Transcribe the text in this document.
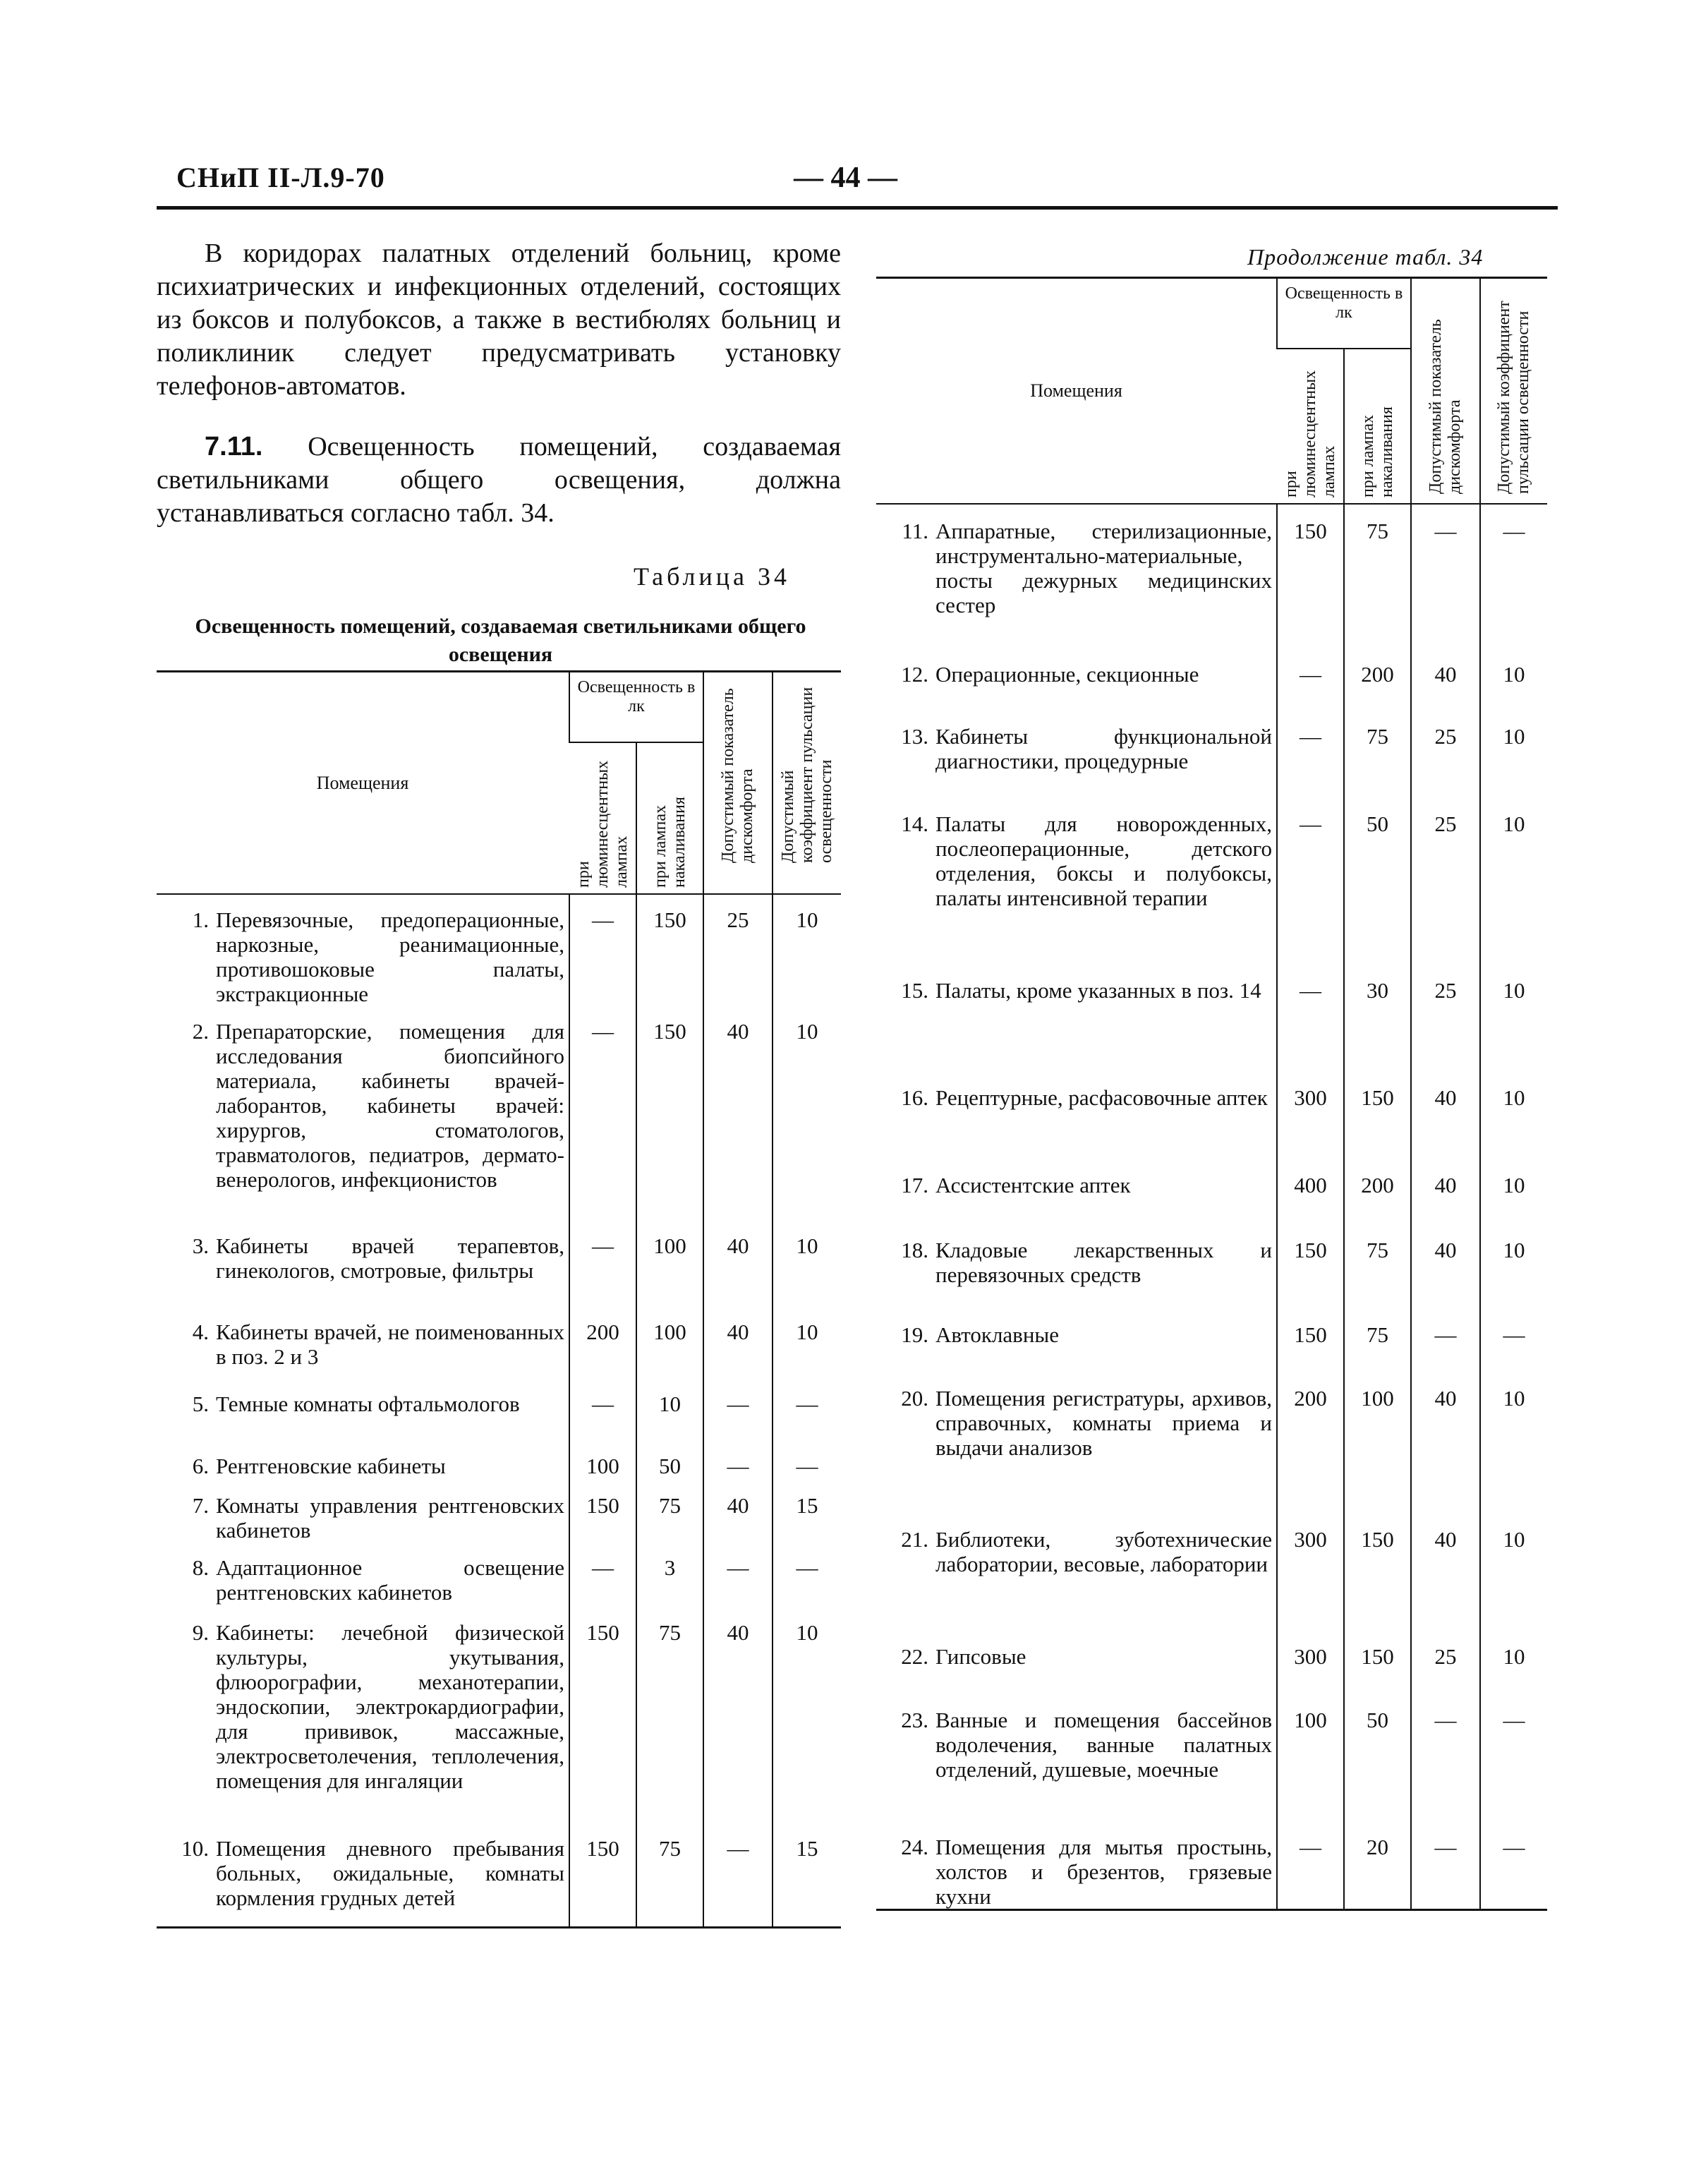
СНиП II-Л.9-70	— 44 —
В коридорах палатных отделений больниц, кроме психиатрических и инфекционных отделений, состоящих из боксов и полубоксов, а также в вестибюлях больниц и поликлиник следует предусматривать установку телефонов-автоматов.
7.11. Освещенность помещений, создаваемая светильниками общего освещения, должна устанавливаться согласно табл. 34.
Таблица 34
Освещенность помещений, создаваемая светильниками общего освещения
Продолжение табл. 34
Помещения	Освещенность в лк		Допустимый показатель дискомфорта	Допустимый коэффициент пульсации освещенности

	при люминесцентных лампах	при лампах накаливания		

1. Перевязочные, предоперационные, наркозные, реанимационные, противошоковые палаты, экстракционные	—	150	25	10

2. Препараторские, помещения для исследования биопсийного материала, кабинеты врачей-лаборантов, кабинеты врачей: хирургов, стоматологов, травматологов, педиатров, дермато-венерологов, инфекционистов	—	150	40	10

3. Кабинеты врачей терапевтов, гинекологов, смотровые, фильтры	—	100	40	10

4. Кабинеты врачей, не поименованных в поз. 2 и 3	200	100	40	10

5. Темные комнаты офтальмологов	—	10	—	—

6. Рентгеновские кабинеты	100	50	—	—

7. Комнаты управления рентгеновских кабинетов	150	75	40	15

8. Адаптационное освещение рентгеновских кабинетов	—	3	—	—

9. Кабинеты: лечебной физической культуры, укутывания, флюорографии, механотерапии, эндоскопии, электрокардиографии, для прививок, массажные, электросветолечения, теплолечения, помещения для ингаляции	150	75	40	10

10. Помещения дневного пребывания больных, ожидальные, комнаты кормления грудных детей	150	75	—	15
Помещения	Освещенность в лк		Допустимый показатель дискомфорта	Допустимый коэффициент пульсации освещенности

	при люминесцентных лампах	при лампах накаливания		

11. Аппаратные, стерилизационные, инструментально-материальные, посты дежурных медицинских сестер	150	75	—	—

12. Операционные, секционные	—	200	40	10

13. Кабинеты функциональной диагностики, процедурные	—	75	25	10

14. Палаты для новорожденных, послеоперационные, детского отделения, боксы и полубоксы, палаты интенсивной терапии	—	50	25	10

15. Палаты, кроме указанных в поз. 14	—	30	25	10

16. Рецептурные, расфасовочные аптек	300	150	40	10

17. Ассистентские аптек	400	200	40	10

18. Кладовые лекарственных и перевязочных средств	150	75	40	10

19. Автоклавные	150	75	—	—

20. Помещения регистратуры, архивов, справочных, комнаты приема и выдачи анализов	200	100	40	10

21. Библиотеки, зуботехнические лаборатории, весовые, лаборатории	300	150	40	10

22. Гипсовые	300	150	25	10

23. Ванные и помещения бассейнов водолечения, ванные палатных отделений, душевые, моечные	100	50	—	—

24. Помещения для мытья простынь, холстов и брезентов, грязевые кухни	—	20	—	—
